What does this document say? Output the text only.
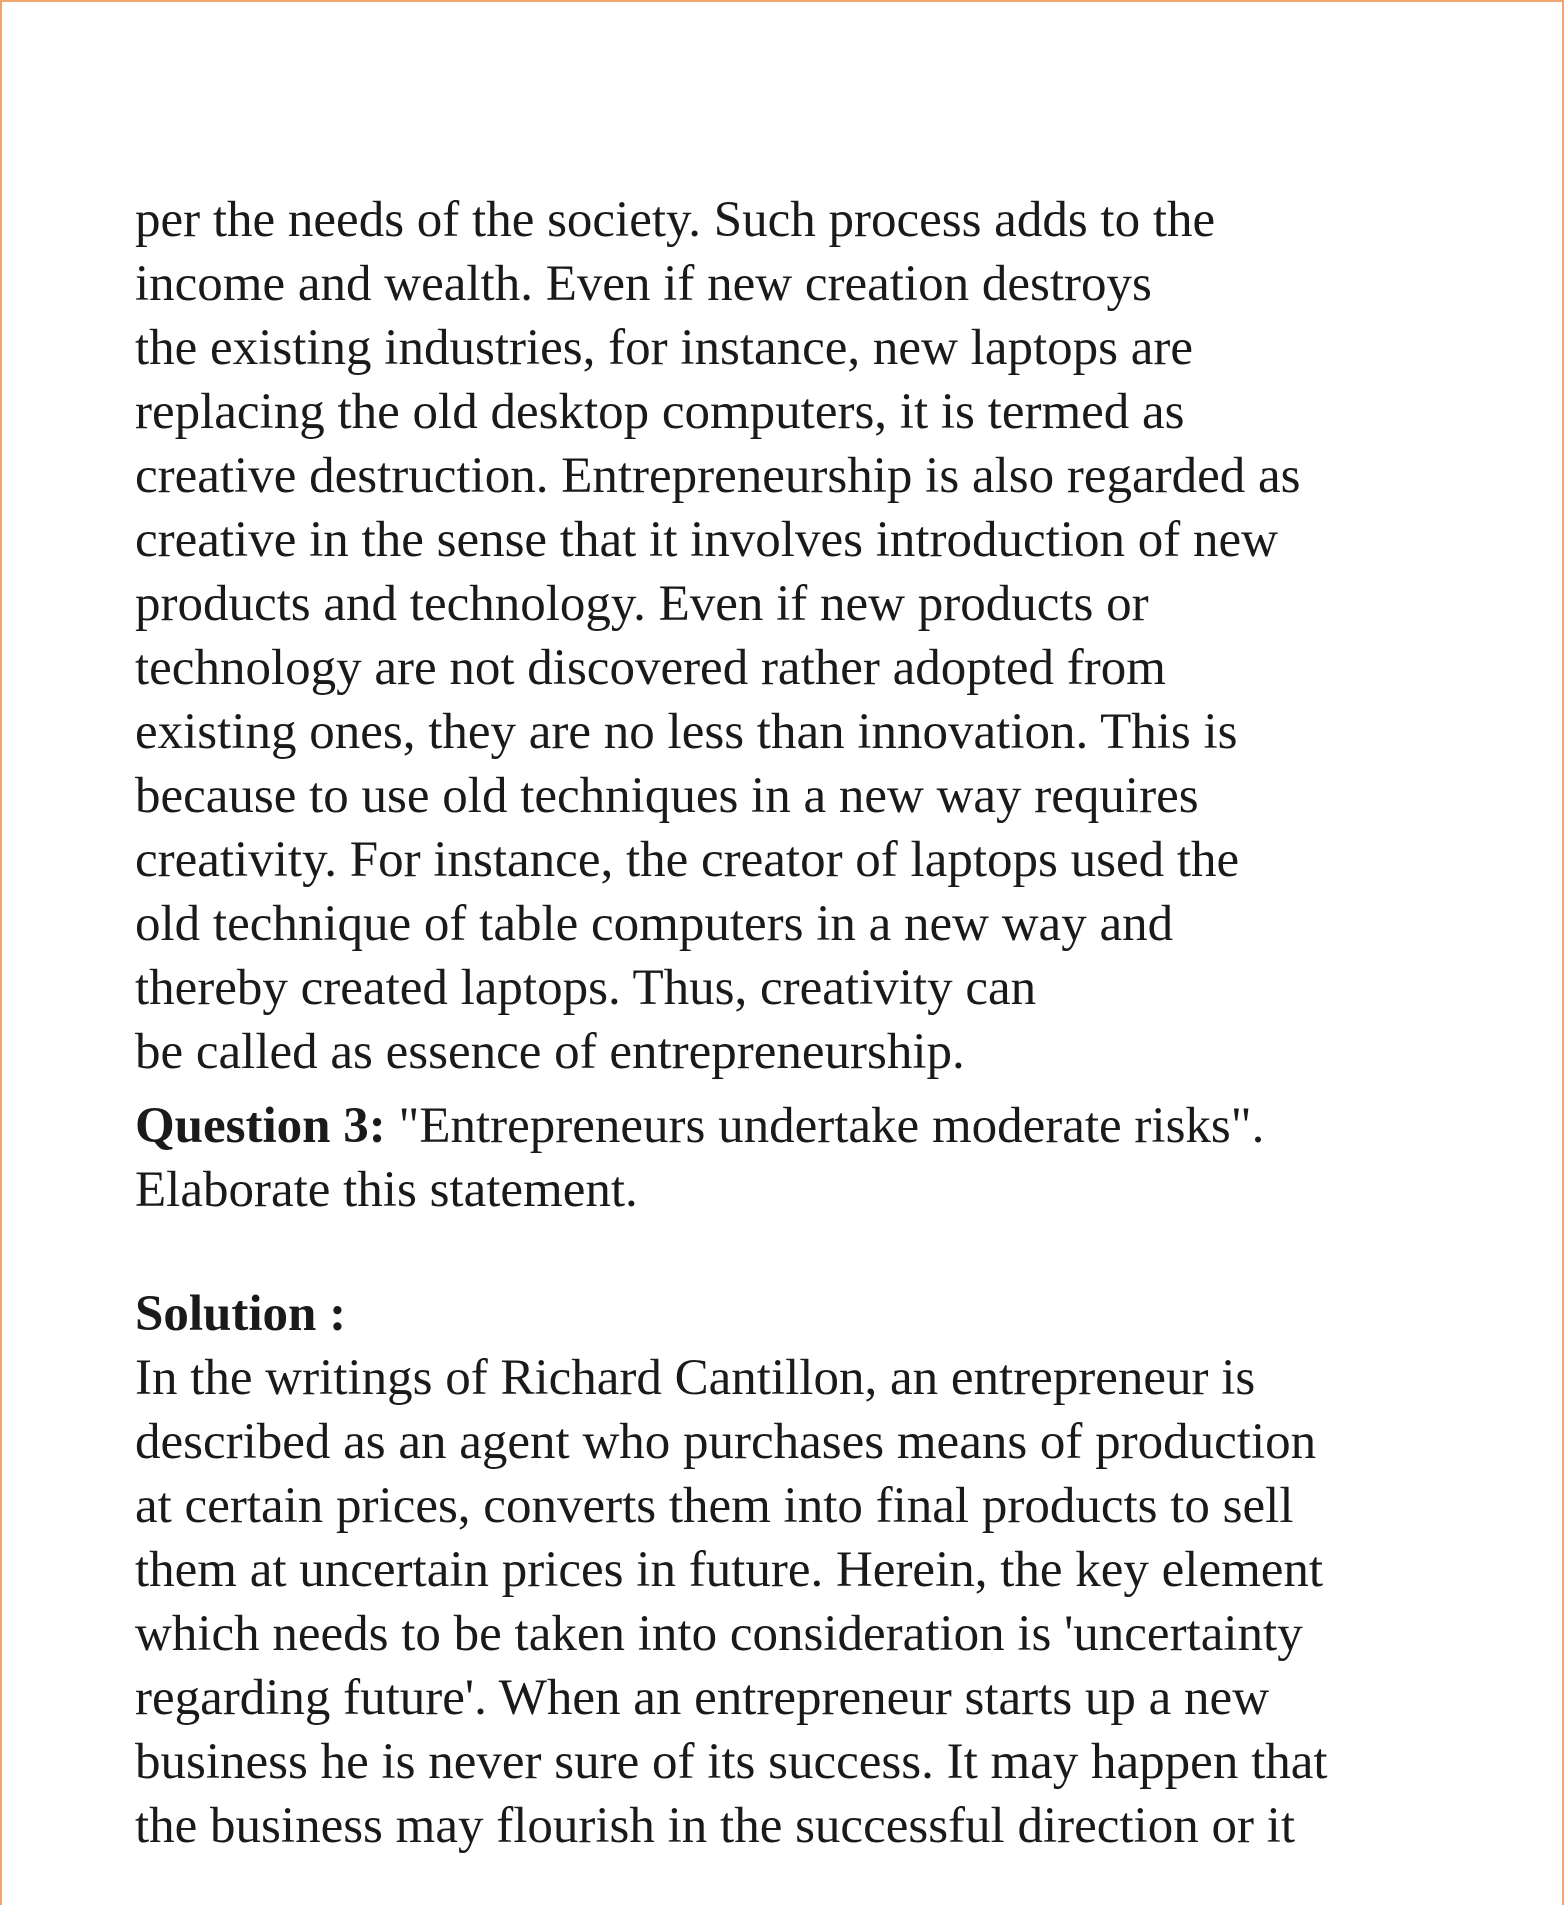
per the needs of the society. Such process adds to the
income and wealth. Even if new creation destroys
the existing industries, for instance, new laptops are
replacing the old desktop computers, it is termed as
creative destruction. Entrepreneurship is also regarded as
creative in the sense that it involves introduction of new
products and technology. Even if new products or
technology are not discovered rather adopted from
existing ones, they are no less than innovation. This is
because to use old techniques in a new way requires
creativity. For instance, the creator of laptops used the
old technique of table computers in a new way and
thereby created laptops. Thus, creativity can
be called as essence of entrepreneurship.
Question 3: "Entrepreneurs undertake moderate risks".
Elaborate this statement.
Solution :
In the writings of Richard Cantillon, an entrepreneur is
described as an agent who purchases means of production
at certain prices, converts them into final products to sell
them at uncertain prices in future. Herein, the key element
which needs to be taken into consideration is 'uncertainty
regarding future'. When an entrepreneur starts up a new
business he is never sure of its success. It may happen that
the business may flourish in the successful direction or it
